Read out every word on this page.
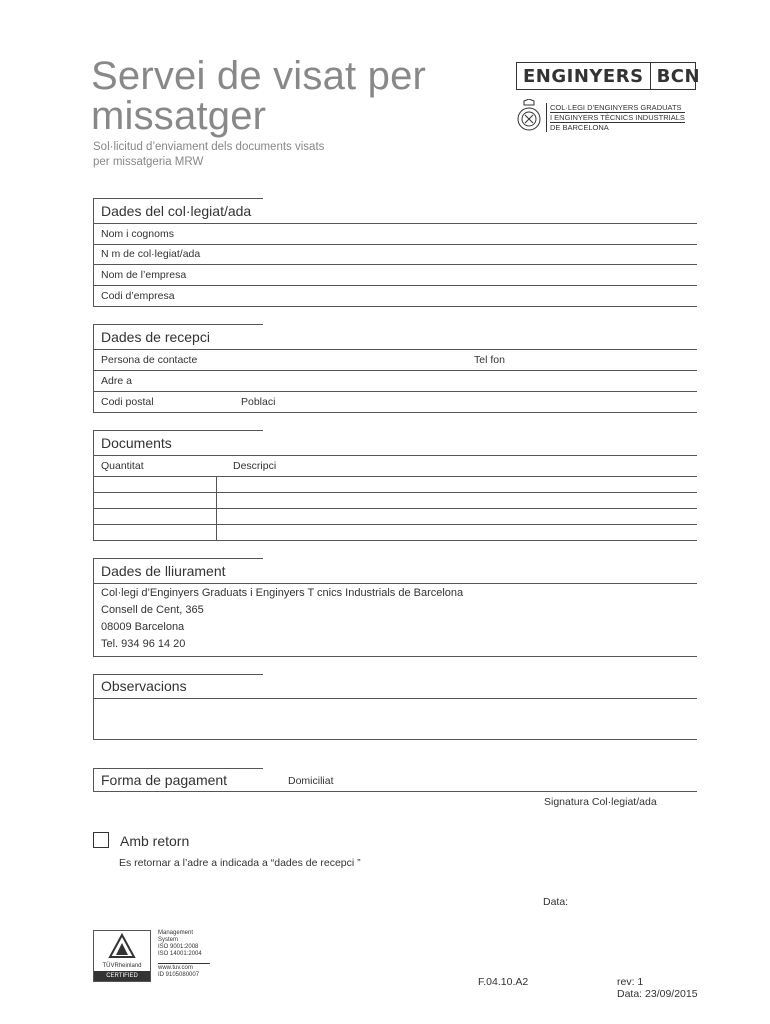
Servei de visat per
missatger
Sol·licitud d’enviament dels documents visats
per missatgeria MRW
ENGINYERS BCN
COL·LEGI D’ENGINYERS GRADUATS
I ENGINYERS TÈCNICS INDUSTRIALS
DE BARCELONA
Dades del col·legiat/ada
Nom i cognoms
N m de col·legiat/ada
Nom de l’empresa
Codi d’empresa
Dades de recepci
Persona de contacte	Tel fon
Adre a
Codi postal	Poblaci
Documents
Quantitat	Descripci
Dades de lliurament
Col·legi d’Enginyers Graduats i Enginyers T cnics Industrials de Barcelona
Consell de Cent, 365
08009 Barcelona
Tel. 934 96 14 20
Observacions
Forma de pagament	Domiciliat
Signatura Col·legiat/ada
Amb retorn
Es retornar a l’adre a indicada a “dades de recepci ”
Data:
TÜVRheinland
CERTIFIED
Management
System
ISO 9001:2008
ISO 14001:2004
www.tuv.com
ID 9105080007
F.04.10.A2	rev: 1
Data: 23/09/2015
